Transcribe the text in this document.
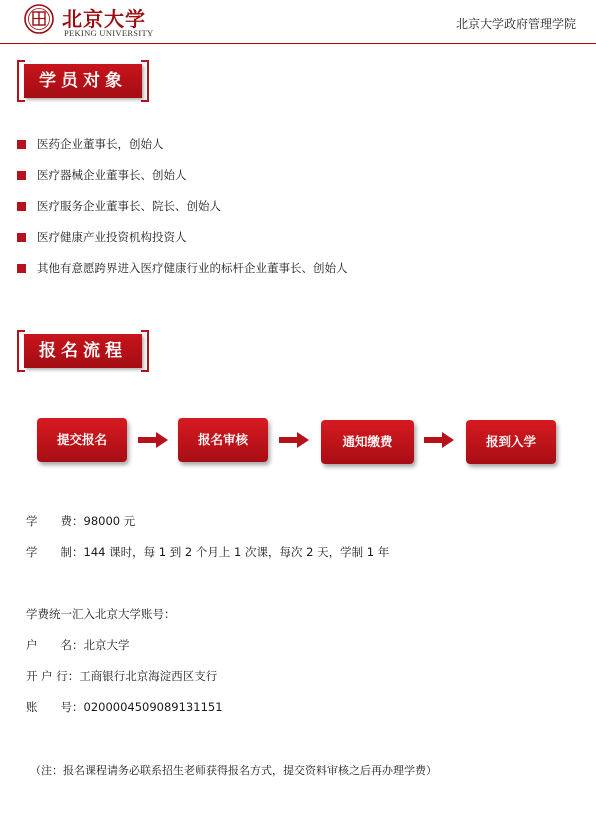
北京大学
PEKING UNIVERSITY
北京大学政府管理学院
学员对象
医药企业董事长，创始人
医疗器械企业董事长、创始人
医疗服务企业董事长、院长、创始人
医疗健康产业投资机构投资人
其他有意愿跨界进入医疗健康行业的标杆企业董事长、创始人
报名流程
提交报名	报名审核	通知缴费	报到入学
学　　费：98000 元
学　　制：144 课时，每 1 到 2 个月上 1 次课，每次 2 天，学制 1 年
学费统一汇入北京大学账号：
户　　名：北京大学
开 户 行：工商银行北京海淀西区支行
账　　号：0200004509089131151
（注：报名课程请务必联系招生老师获得报名方式，提交资料审核之后再办理学费）
